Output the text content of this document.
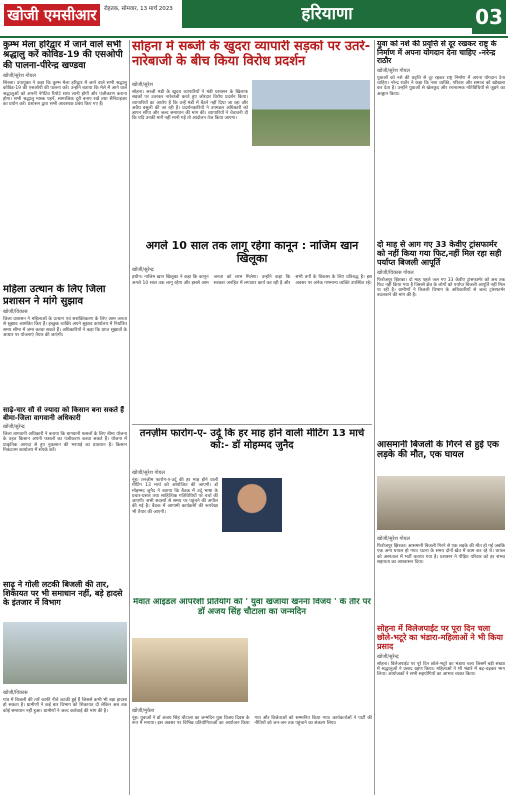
खोजी एमसीआर	रोहतक, सोमवार, 13 मार्च 2023	हरियाणा	03
कुम्भ मेला हरिद्वार में जाने वाले सभी श्रद्धालु करें कोविड-19 की एसओपी की पालना-पीरेन्द्र खण्डवा
खोजी/सुरेश गोयल
सिरसा। उपायुक्त ने कहा कि कुम्भ मेला हरिद्वार में जाने वाले सभी श्रद्धालु कोविड-19 की एसओपी की पालना करें। उन्होंने बताया कि मेले में आने वाले श्रद्धालुओं को अपनी नेगेटिव रिपोर्ट साथ लानी होगी और पंजीकरण कराना होगा। सभी श्रद्धालु मास्क पहनें, सामाजिक दूरी बनाए रखें तथा सैनिटाइजर का प्रयोग करें। प्रशासन द्वारा सभी आवश्यक प्रबंध किए गए हैं।
महिला उत्थान के लिए जिला प्रशासन ने मांगे सुझाव
खोजी/विकास
जिला प्रशासन ने महिलाओं के उत्थान एवं सशक्तिकरण के लिए आम जनता से सुझाव आमंत्रित किए हैं। इच्छुक व्यक्ति अपने सुझाव कार्यालय में निर्धारित समय सीमा में जमा करवा सकते हैं। अधिकारियों ने कहा कि प्राप्त सुझावों के आधार पर योजनाएं तैयार की जाएंगी।
साढ़े-चार सौ से ज्यादा को किसान बना सकते हैं बीमा-जिला वागवानी अधिकारी
खोजी/सुरेन्द्र
जिला बागवानी अधिकारी ने बताया कि बागवानी फसलों के लिए बीमा योजना के तहत किसान अपनी फसलों का पंजीकरण करवा सकते हैं। योजना में प्राकृतिक आपदा से हुए नुकसान की भरपाई का प्रावधान है। किसान निकटतम कार्यालय में संपर्क करें।
साढ़ू ने गोली लटकी बिजली की तार, शिकायत पर भी समाधान नहीं, बड़े हादसे के इंतजार में विभाग
खोजी/विकास
गांव में बिजली की तारें काफी नीचे लटकी हुई हैं जिससे कभी भी बड़ा हादसा हो सकता है। ग्रामीणों ने कई बार विभाग को शिकायत दी लेकिन अब तक कोई समाधान नहीं हुआ। ग्रामीणों ने जल्द कार्रवाई की मांग की है।
सोहना में सब्जी के खुदरा व्यापारी सड़कों पर उतरे-नारेबाजी के बीच किया विरोध प्रदर्शन
खोजी/सुरेश
सोहना। सब्जी मंडी के खुदरा व्यापारियों ने मंडी प्रशासन के खिलाफ सड़कों पर उतरकर नारेबाजी करते हुए जोरदार विरोध प्रदर्शन किया। व्यापारियों का आरोप है कि उन्हें मंडी में बैठने नहीं दिया जा रहा और अवैध वसूली की जा रही है। प्रदर्शनकारियों ने उपमंडल अधिकारी को ज्ञापन सौंपा और जल्द समाधान की मांग की। व्यापारियों ने चेतावनी दी कि यदि उनकी मांगें नहीं मानी गईं तो आंदोलन तेज किया जाएगा।
अगले 10 साल तक लागू रहेगा कानून : नाजिम खान खिलूका
खोजी/सुरेन्द्र
हथीन। नाजिम खान खिलूका ने कहा कि कानून अगले 10 साल तक लागू रहेगा और इससे आम जनता को लाभ मिलेगा। उन्होंने कहा कि सरकार जनहित में लगातार कार्य कर रही है और सभी वर्गों के विकास के लिए प्रतिबद्ध है। इस अवसर पर अनेक गणमान्य व्यक्ति उपस्थित रहे।
तनज़ीम फारोग-ए- उर्दू कि हर माह होने वाली मीटिंग 13 मार्च को:- डॉ मोहम्मद जुनैद
खोजी/सुरेश गोयल
नूंह। तनज़ीम फारोग-ए-उर्दू की हर माह होने वाली मीटिंग 13 मार्च को आयोजित की जाएगी। डॉ मोहम्मद जुनैद ने बताया कि बैठक में उर्दू भाषा के प्रचार-प्रसार तथा साहित्यिक गतिविधियों पर चर्चा की जाएगी। सभी सदस्यों से समय पर पहुंचने की अपील की गई है। बैठक में आगामी कार्यक्रमों की रूपरेखा भी तैयार की जाएगी।
मेवात आइडल आपरेशी प्रतियोग को ' युवा खंजाया खनना विजय ' के तौर पर डॉ अजय सिंह चौटाला का जन्मदिन
खोजी/मुकेश
नूंह। युवाओं ने डॉ अजय सिंह चौटाला का जन्मदिन युवा विजय दिवस के रूप में मनाया। इस अवसर पर विभिन्न प्रतियोगिताओं का आयोजन किया गया और विजेताओं को सम्मानित किया गया। कार्यकर्ताओं ने पार्टी की नीतियों को जन-जन तक पहुंचाने का संकल्प लिया।
युवा को नशे की प्रवृत्ति से दूर रखकर राष्ट्र के निर्माण में अपना योगदान देना चाहिए -नरेन्द्र राठौर
खोजी/सुरेश गोयल
युवाओं को नशे की प्रवृत्ति से दूर रहकर राष्ट्र निर्माण में अपना योगदान देना चाहिए। नरेन्द्र राठौर ने कहा कि नशा व्यक्ति, परिवार और समाज को खोखला कर देता है। उन्होंने युवाओं से खेलकूद और रचनात्मक गतिविधियों से जुड़ने का आह्वान किया।
दो माह से आग गए 33 केवीए ट्रांसफार्मर को नहीं किया गया फिट,नहीं मिल रहा सही पर्याप्त बिजली आपूर्ति
खोजी/विकास गोयल
फिरोजपुर झिरका। दो माह पहले जल गए 33 केवीए ट्रांसफार्मर को अब तक फिट नहीं किया गया है जिससे क्षेत्र के लोगों को पर्याप्त बिजली आपूर्ति नहीं मिल पा रही है। ग्रामीणों ने बिजली विभाग के अधिकारियों से जल्द ट्रांसफार्मर बदलवाने की मांग की है।
आसमानी बिजली के गिरने से हुई एक लड़के की मौत, एक घायल
खोजी/सुरेश गोयल
फिरोजपुर झिरका। आसमानी बिजली गिरने से एक लड़के की मौत हो गई जबकि एक अन्य घायल हो गया। घटना के समय दोनों खेत में काम कर रहे थे। घायल को अस्पताल में भर्ती कराया गया है। प्रशासन ने पीड़ित परिवार को हर संभव सहायता का आश्वासन दिया।
सोहना में विलेजपाईट पर पूरा दिन चला छोले-भटूरे का भंडारा-महिलाओं ने भी किया प्रसाद
खोजी/सुरेन्द्र
सोहना। विलेजपाईट पर पूरे दिन छोले-भटूरे का भंडारा चला जिसमें बड़ी संख्या में श्रद्धालुओं ने प्रसाद ग्रहण किया। महिलाओं ने भी भंडारे में बढ़-चढ़कर भाग लिया। आयोजकों ने सभी सहयोगियों का आभार व्यक्त किया।
